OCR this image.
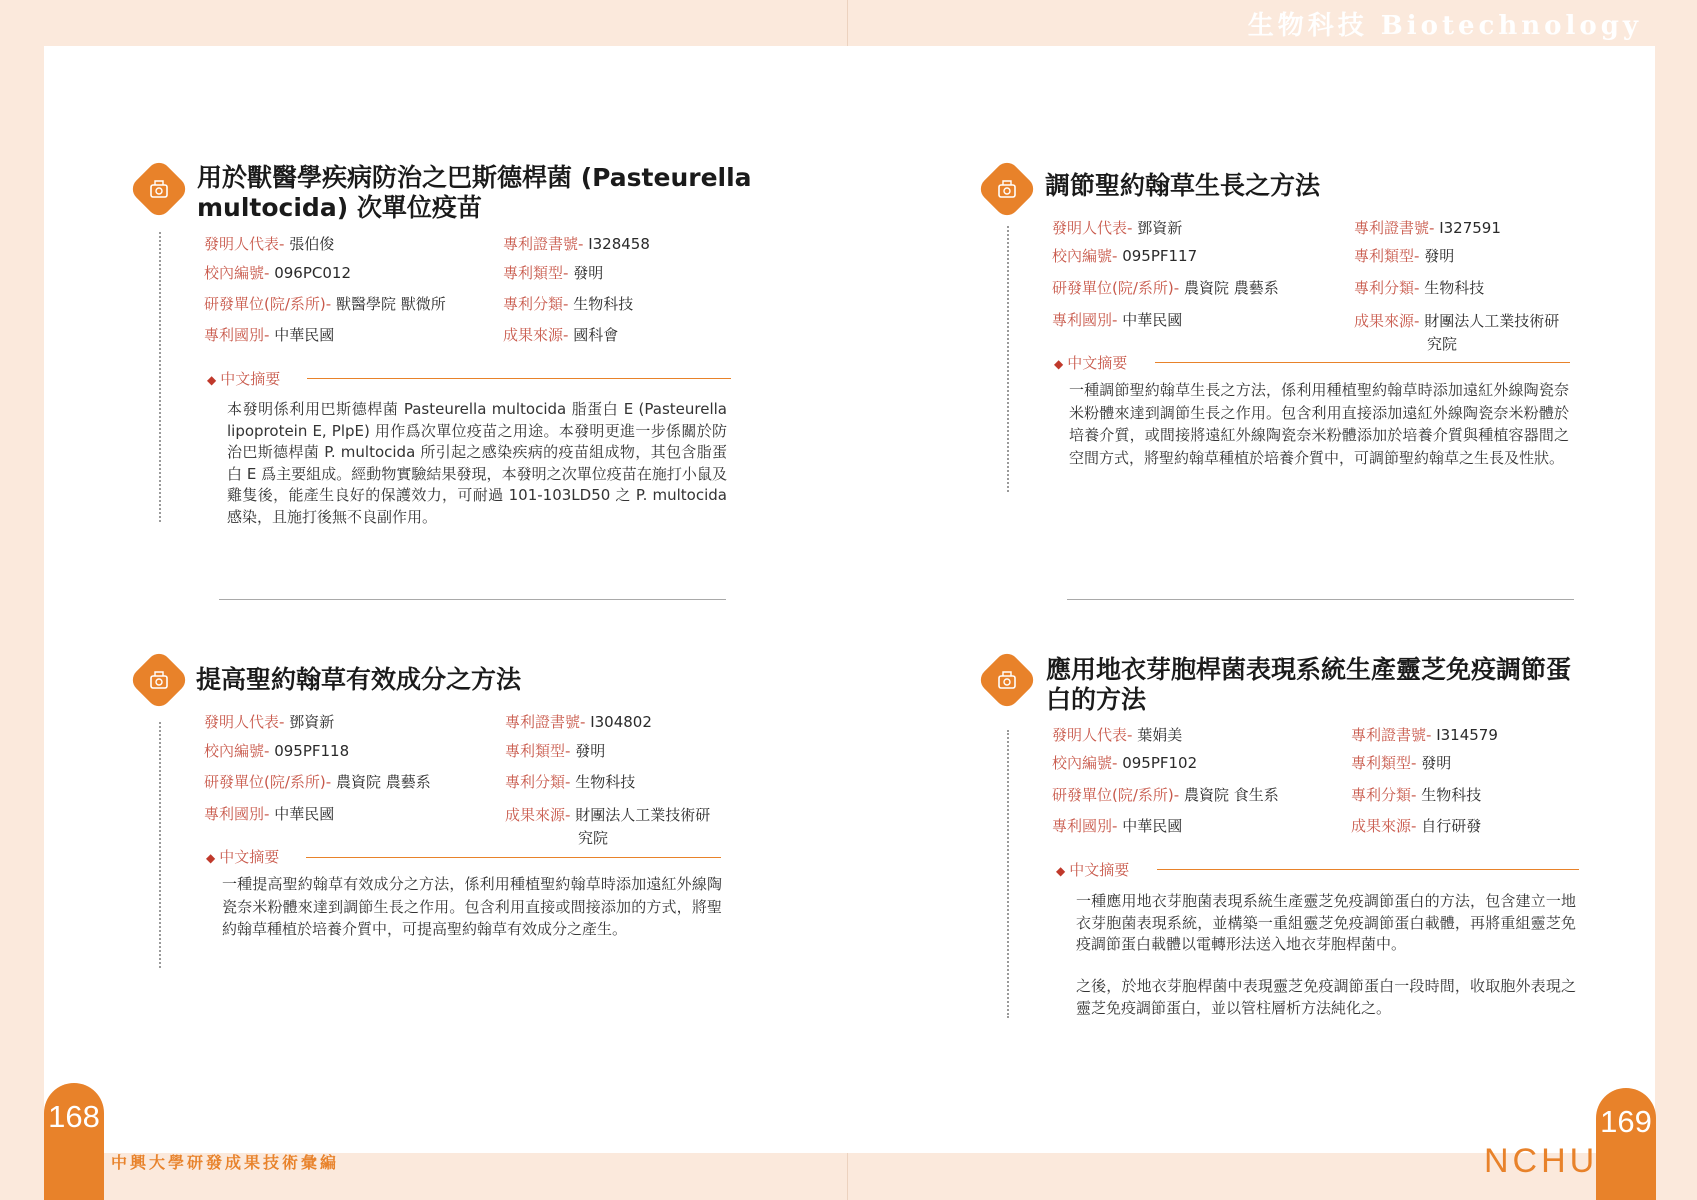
生物科技 Biotechnology
用於獸醫學疾病防治之巴斯德桿菌 (Pasteurella multocida) 次單位疫苗
發明人代表- 張伯俊
校內編號- 096PC012
研發單位(院/系所)- 獸醫學院 獸微所
專利國別- 中華民國
專利證書號- I328458
專利類型- 發明
專利分類- 生物科技
成果來源- 國科會
◆ 中文摘要
本發明係利用巴斯德桿菌 Pasteurella multocida 脂蛋白 E (Pasteurella lipoprotein E, PlpE) 用作爲次單位疫苗之用途。本發明更進一步係關於防治巴斯德桿菌 P. multocida 所引起之感染疾病的疫苗組成物，其包含脂蛋白 E 爲主要組成。經動物實驗結果發現，本發明之次單位疫苗在施打小鼠及雞隻後，能產生良好的保護效力，可耐過 101-103LD50 之 P. multocida 感染，且施打後無不良副作用。
調節聖約翰草生長之方法
發明人代表- 鄧資新
校內編號- 095PF117
研發單位(院/系所)- 農資院 農藝系
專利國別- 中華民國
專利證書號- I327591
專利類型- 發明
專利分類- 生物科技
成果來源- 財團法人工業技術研究院
◆ 中文摘要
一種調節聖約翰草生長之方法，係利用種植聖約翰草時添加遠紅外線陶瓷奈米粉體來達到調節生長之作用。包含利用直接添加遠紅外線陶瓷奈米粉體於培養介質，或間接將遠紅外線陶瓷奈米粉體添加於培養介質與種植容器間之空間方式，將聖約翰草種植於培養介質中，可調節聖約翰草之生長及性狀。
提高聖約翰草有效成分之方法
發明人代表- 鄧資新
校內編號- 095PF118
研發單位(院/系所)- 農資院 農藝系
專利國別- 中華民國
專利證書號- I304802
專利類型- 發明
專利分類- 生物科技
成果來源- 財團法人工業技術研究院
◆ 中文摘要
一種提高聖約翰草有效成分之方法，係利用種植聖約翰草時添加遠紅外線陶瓷奈米粉體來達到調節生長之作用。包含利用直接或間接添加的方式，將聖約翰草種植於培養介質中，可提高聖約翰草有效成分之產生。
應用地衣芽胞桿菌表現系統生產靈芝免疫調節蛋白的方法
發明人代表- 葉娟美
校內編號- 095PF102
研發單位(院/系所)- 農資院 食生系
專利國別- 中華民國
專利證書號- I314579
專利類型- 發明
專利分類- 生物科技
成果來源- 自行研發
◆ 中文摘要
一種應用地衣芽胞菌表現系統生產靈芝免疫調節蛋白的方法，包含建立一地衣芽胞菌表現系統，並構築一重組靈芝免疫調節蛋白載體，再將重組靈芝免疫調節蛋白載體以電轉形法送入地衣芽胞桿菌中。
之後，於地衣芽胞桿菌中表現靈芝免疫調節蛋白一段時間，收取胞外表現之靈芝免疫調節蛋白，並以管柱層析方法純化之。
168	169
中興大學研發成果技術彙編	NCHU
